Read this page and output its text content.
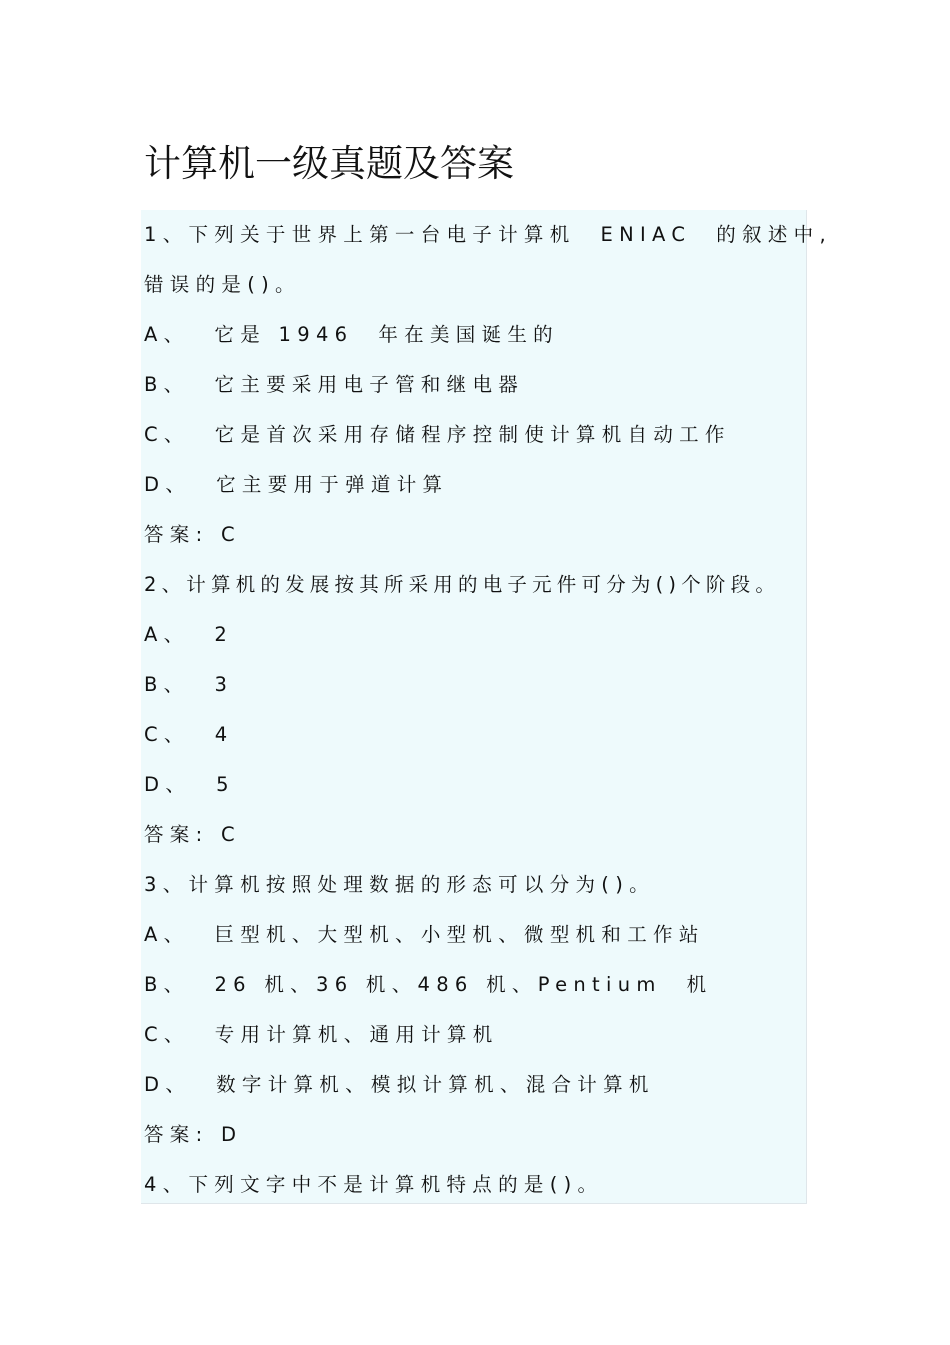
计算机一级真题及答案
1、下列关于世界上第一台电子计算机  ENIAC  的叙述中,
错误的是()。
A、  它是 1946  年在美国诞生的
B、  它主要采用电子管和继电器
C、  它是首次采用存储程序控制使计算机自动工作
D、  它主要用于弹道计算
答案: C
2、计算机的发展按其所采用的电子元件可分为()个阶段。
A、  2
B、  3
C、  4
D、  5
答案: C
3、计算机按照处理数据的形态可以分为()。
A、  巨型机、大型机、小型机、微型机和工作站
B、  26 机、36 机、486 机、Pentium  机
C、  专用计算机、通用计算机
D、  数字计算机、模拟计算机、混合计算机
答案: D
4、下列文字中不是计算机特点的是()。
